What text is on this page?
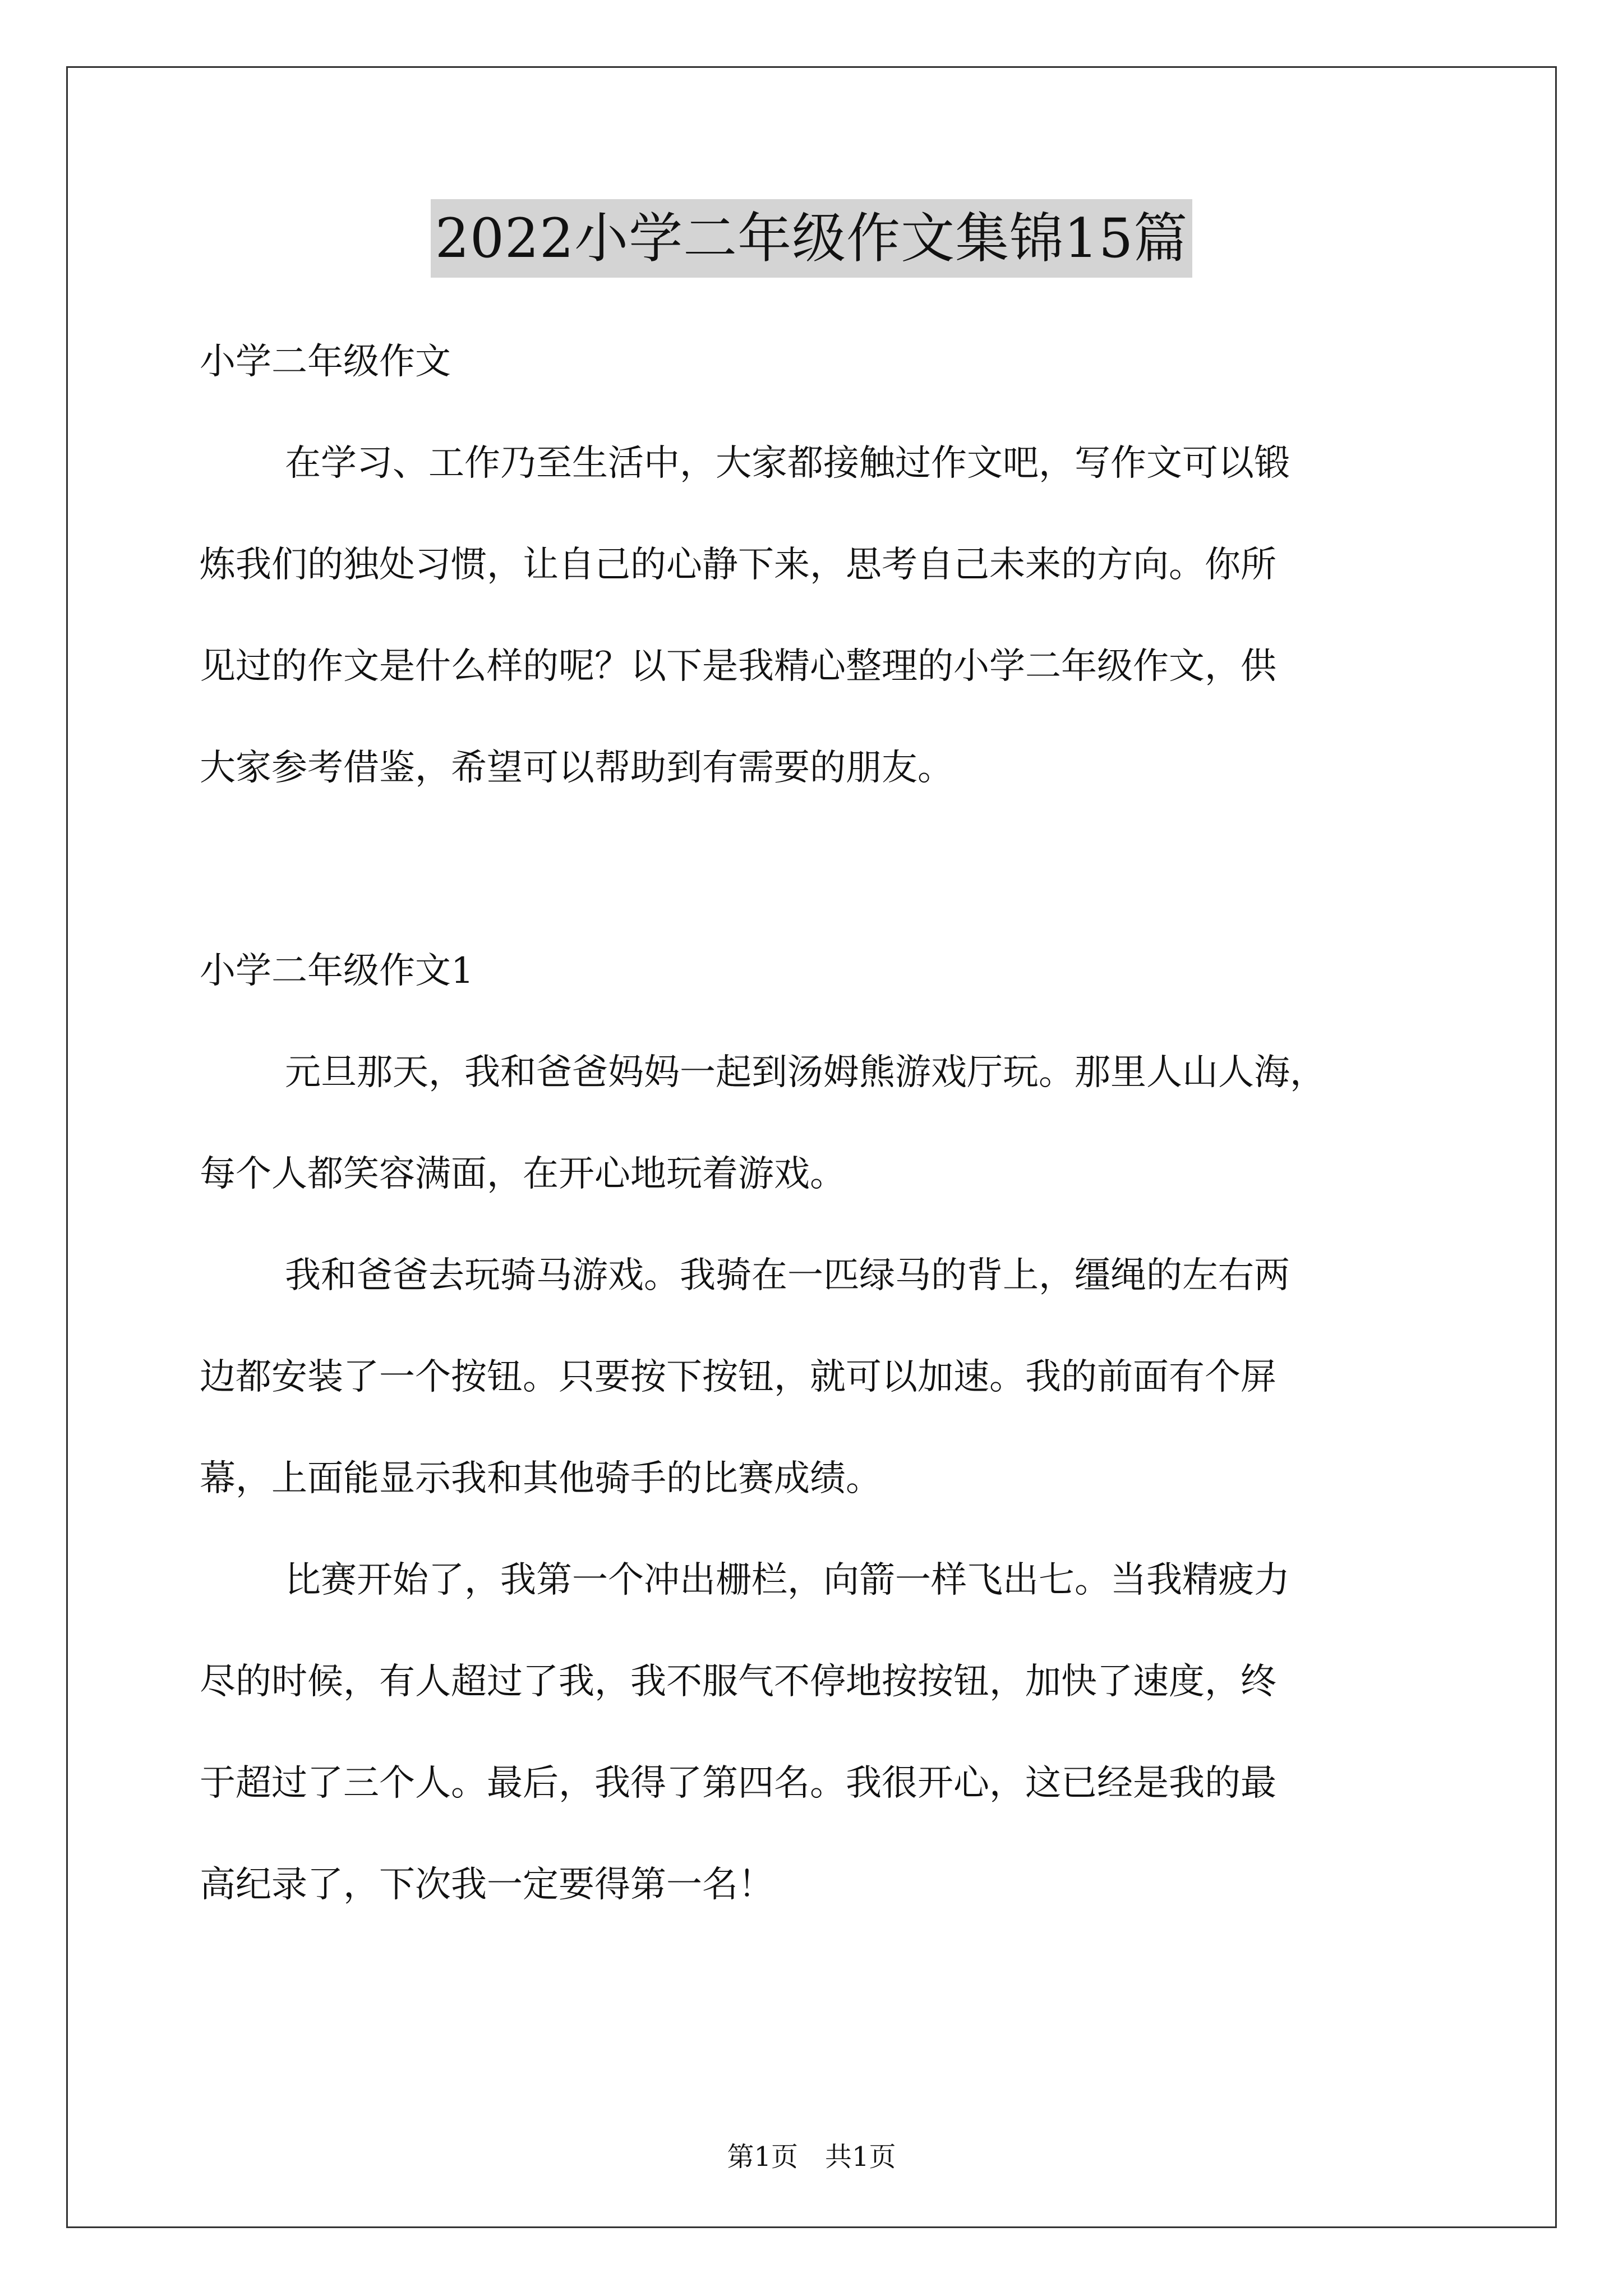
2022小学二年级作文集锦15篇
小学二年级作文
在学习、工作乃至生活中，大家都接触过作文吧，写作文可以锻
炼我们的独处习惯，让自己的心静下来，思考自己未来的方向。你所
见过的作文是什么样的呢？以下是我精心整理的小学二年级作文，供
大家参考借鉴，希望可以帮助到有需要的朋友。
小学二年级作文1
元旦那天，我和爸爸妈妈一起到汤姆熊游戏厅玩。那里人山人海，
每个人都笑容满面，在开心地玩着游戏。
我和爸爸去玩骑马游戏。我骑在一匹绿马的背上，缰绳的左右两
边都安装了一个按钮。只要按下按钮，就可以加速。我的前面有个屏
幕，上面能显示我和其他骑手的比赛成绩。
比赛开始了，我第一个冲出栅栏，向箭一样飞出七。当我精疲力
尽的时候，有人超过了我，我不服气不停地按按钮，加快了速度，终
于超过了三个人。最后，我得了第四名。我很开心，这已经是我的最
高纪录了，下次我一定要得第一名！
第1页 共1页
